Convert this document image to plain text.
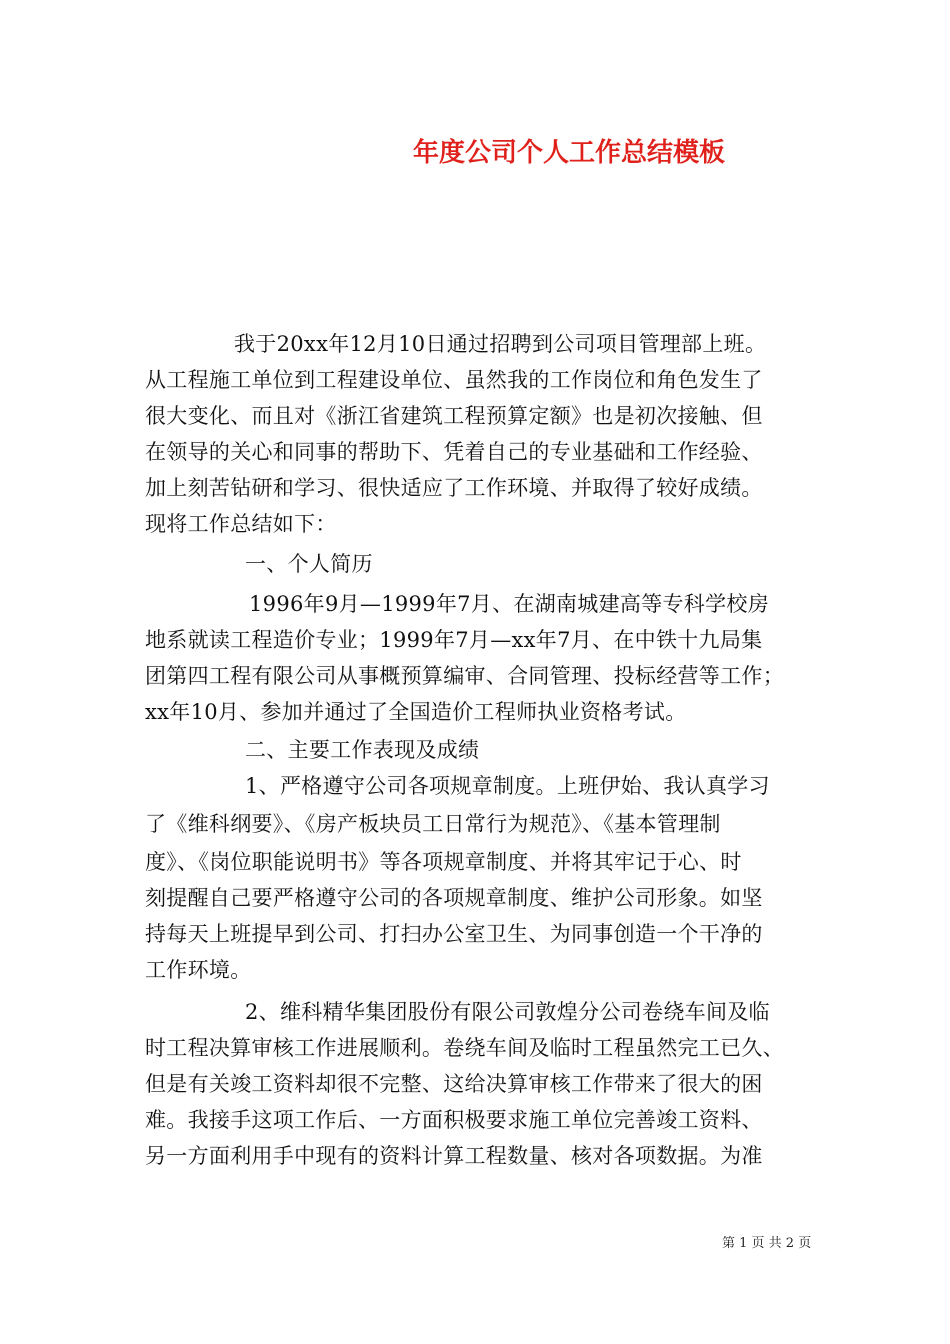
年度公司个人工作总结模板
我于20xx年12月10日通过招聘到公司项目管理部上班。
从工程施工单位到工程建设单位、虽然我的工作岗位和角色发生了
很大变化、而且对《浙江省建筑工程预算定额》也是初次接触、但
在领导的关心和同事的帮助下、凭着自己的专业基础和工作经验、
加上刻苦钻研和学习、很快适应了工作环境、并取得了较好成绩。
现将工作总结如下：
一、个人简历
1996年9月—1999年7月、在湖南城建高等专科学校房
地系就读工程造价专业；1999年7月—xx年7月、在中铁十九局集
团第四工程有限公司从事概预算编审、合同管理、投标经营等工作；
xx年10月、参加并通过了全国造价工程师执业资格考试。
二、主要工作表现及成绩
1、严格遵守公司各项规章制度。上班伊始、我认真学习
了《维科纲要》、《房产板块员工日常行为规范》、《基本管理制
度》、《岗位职能说明书》等各项规章制度、并将其牢记于心、时
刻提醒自己要严格遵守公司的各项规章制度、维护公司形象。如坚
持每天上班提早到公司、打扫办公室卫生、为同事创造一个干净的
工作环境。
2、维科精华集团股份有限公司敦煌分公司卷绕车间及临
时工程决算审核工作进展顺利。卷绕车间及临时工程虽然完工已久、
但是有关竣工资料却很不完整、这给决算审核工作带来了很大的困
难。我接手这项工作后、一方面积极要求施工单位完善竣工资料、
另一方面利用手中现有的资料计算工程数量、核对各项数据。为准
第 1 页 共 2 页
